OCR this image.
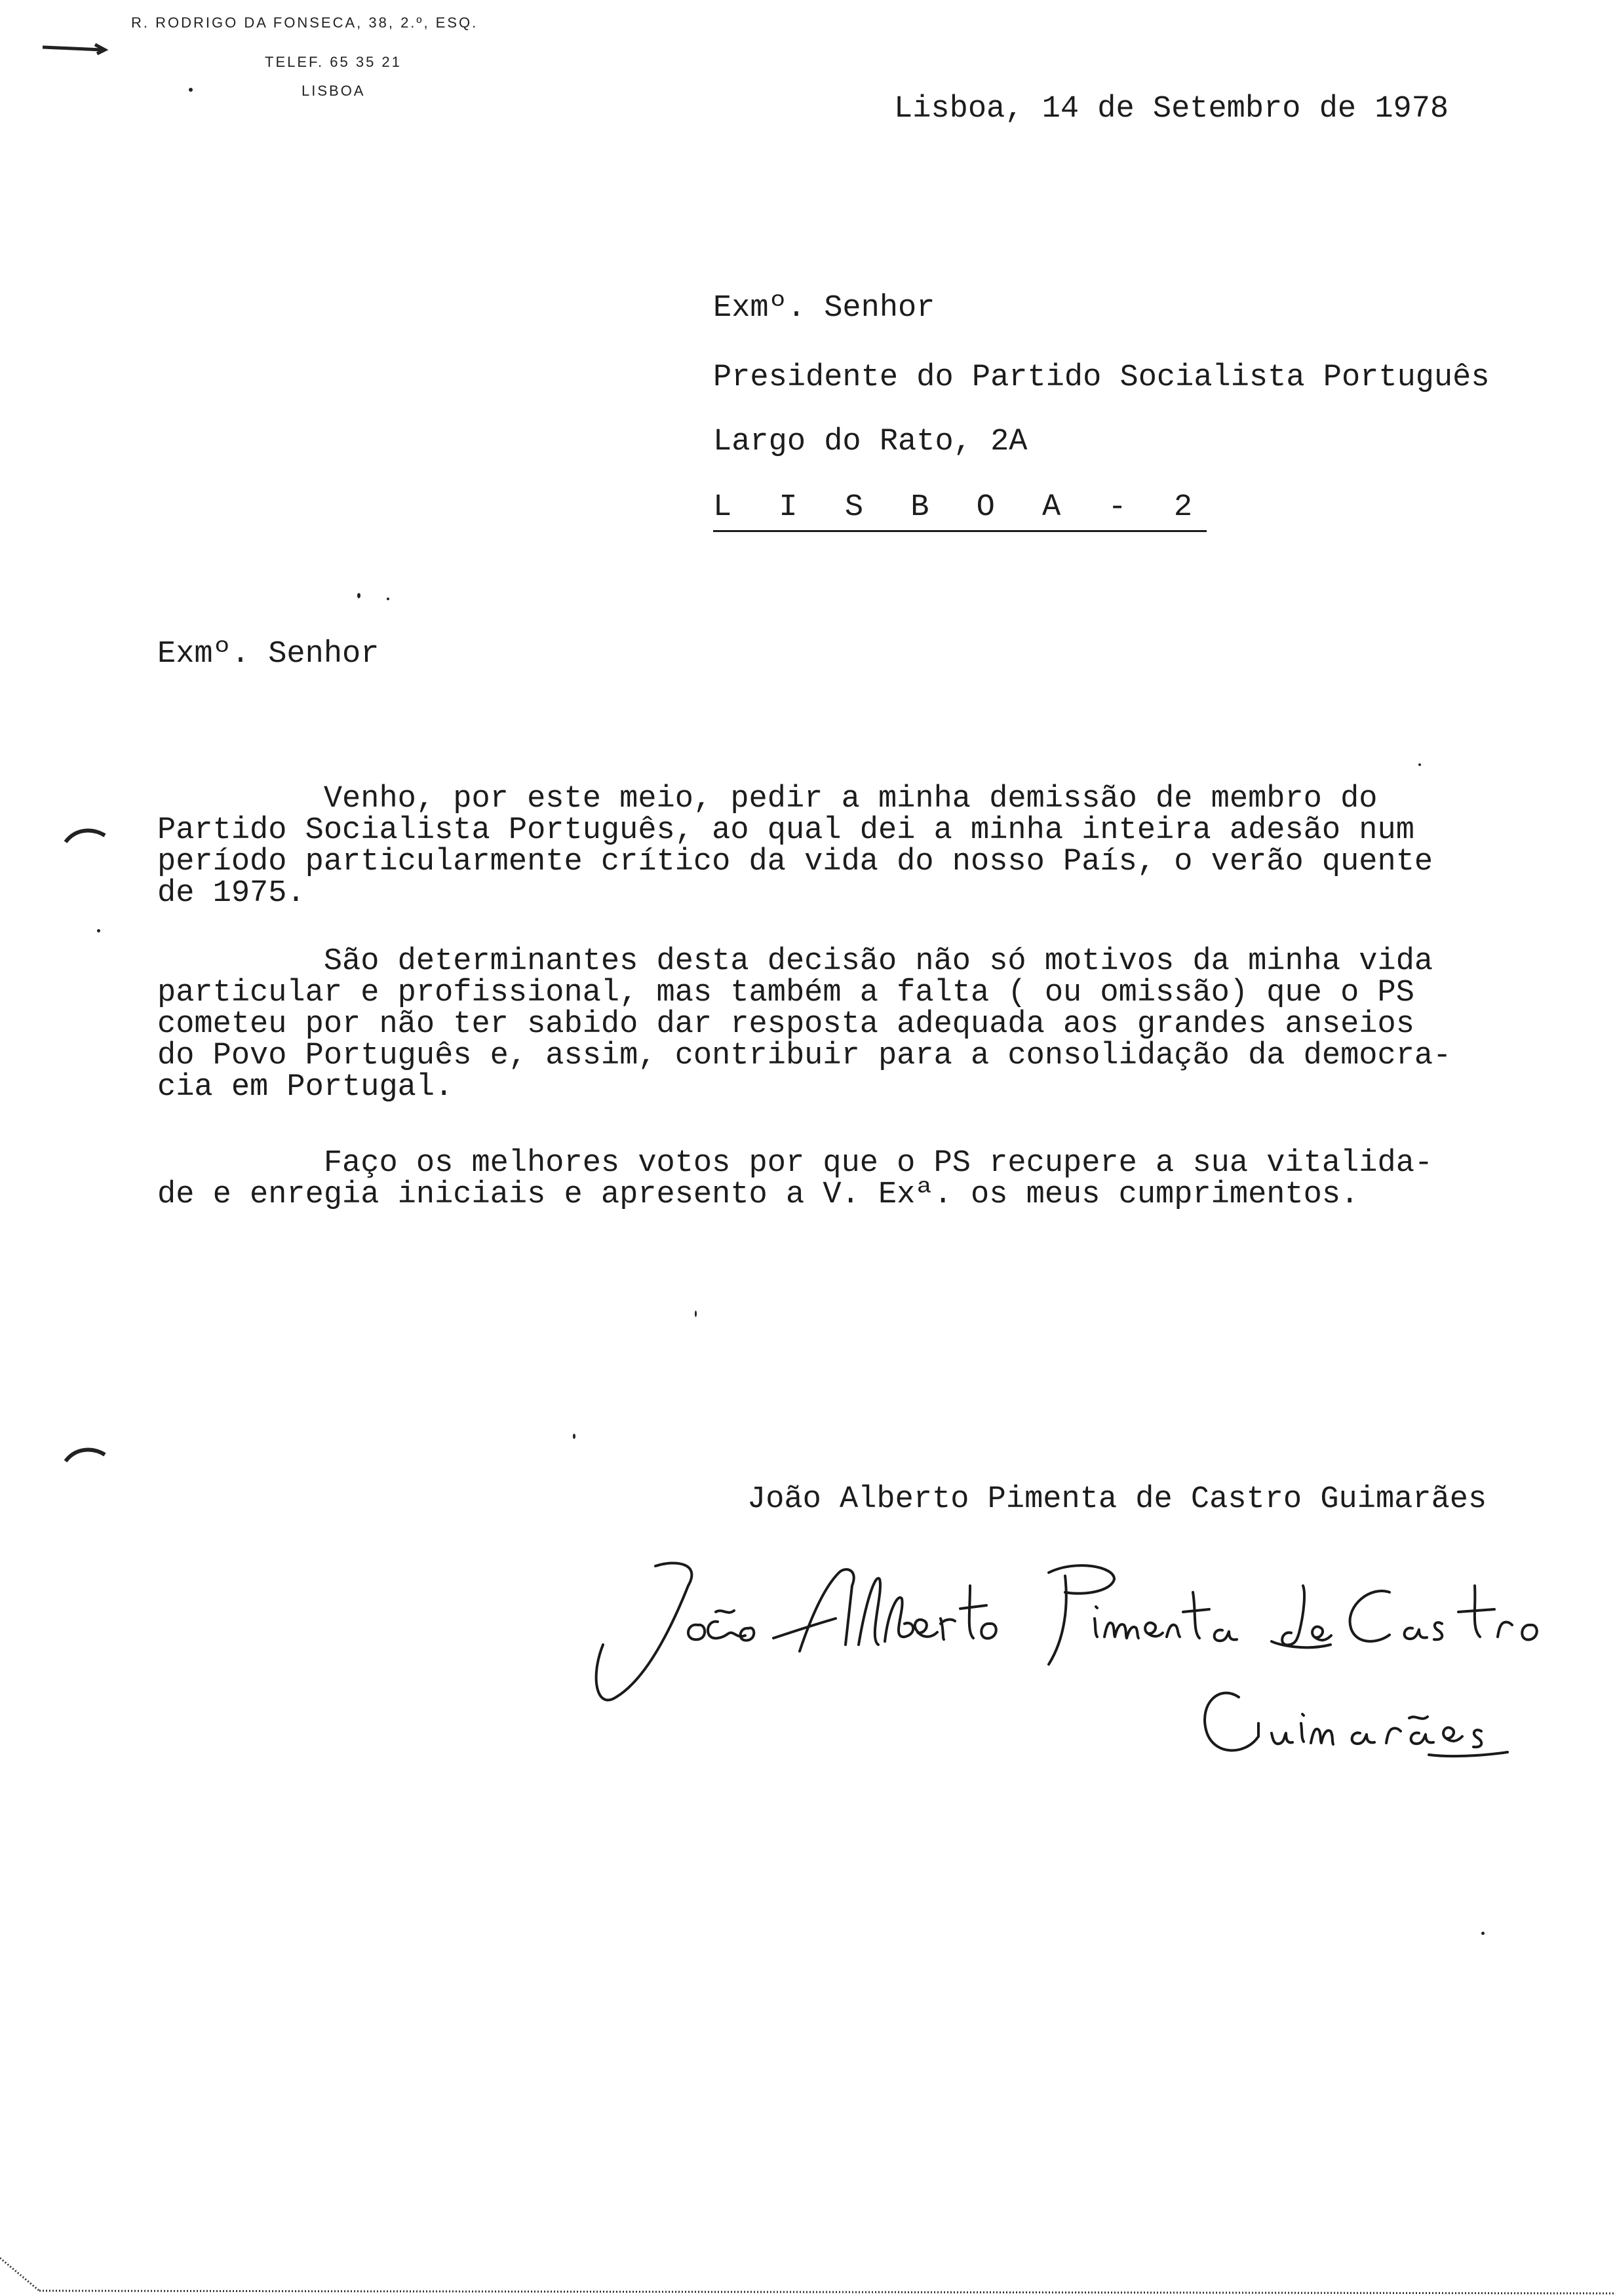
R. RODRIGO DA FONSECA, 38, 2.º, ESQ.
TELEF. 65 35 21
LISBOA
Lisboa, 14 de Setembro de 1978
Exmº. Senhor
Presidente do Partido Socialista Português
Largo do Rato, 2A
L I S B O A - 2
Exmº. Senhor
Venho, por este meio, pedir a minha demissão de membro do
Partido Socialista Português, ao qual dei a minha inteira adesão num
período particularmente crítico da vida do nosso País, o verão quente
de 1975.
São determinantes desta decisão não só motivos da minha vida
particular e profissional, mas também a falta ( ou omissão) que o PS
cometeu por não ter sabido dar resposta adequada aos grandes anseios
do Povo Português e, assim, contribuir para a consolidação da democra-
cia em Portugal.
Faço os melhores votos por que o PS recupere a sua vitalida-
de e enregia iniciais e apresento a V. Exª. os meus cumprimentos.
João Alberto Pimenta de Castro Guimarães
